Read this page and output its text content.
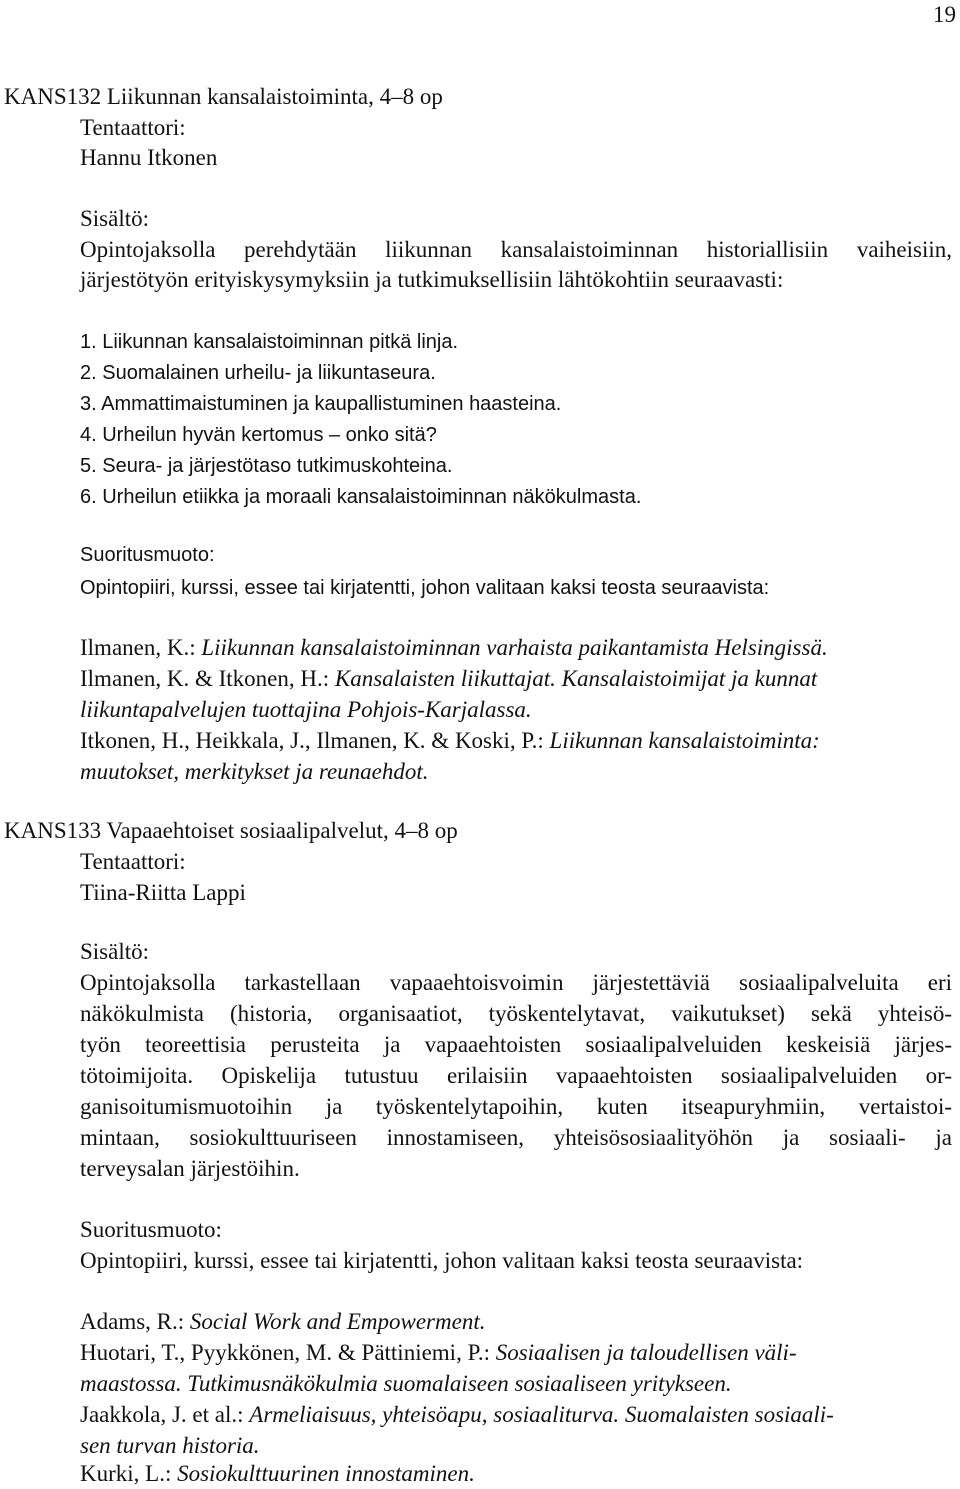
19
KANS132 Liikunnan kansalaistoiminta, 4–8 op
Tentaattori:
Hannu Itkonen
Sisältö:
Opintojaksolla perehdytään liikunnan kansalaistoiminnan historiallisiin vaiheisiin,
järjestötyön erityiskysymyksiin ja tutkimuksellisiin lähtökohtiin seuraavasti:
1. Liikunnan kansalaistoiminnan pitkä linja.
2. Suomalainen urheilu- ja liikuntaseura.
3. Ammattimaistuminen ja kaupallistuminen haasteina.
4. Urheilun hyvän kertomus – onko sitä?
5. Seura- ja järjestötaso tutkimuskohteina.
6. Urheilun etiikka ja moraali kansalaistoiminnan näkökulmasta.
Suoritusmuoto:
Opintopiiri, kurssi, essee tai kirjatentti, johon valitaan kaksi teosta seuraavista:
Ilmanen, K.: Liikunnan kansalaistoiminnan varhaista paikantamista Helsingissä.
Ilmanen, K. & Itkonen, H.: Kansalaisten liikuttajat. Kansalaistoimijat ja kunnat
liikuntapalvelujen tuottajina Pohjois-Karjalassa.
Itkonen, H., Heikkala, J., Ilmanen, K. & Koski, P.: Liikunnan kansalaistoiminta:
muutokset, merkitykset ja reunaehdot.
KANS133 Vapaaehtoiset sosiaalipalvelut, 4–8 op
Tentaattori:
Tiina-Riitta Lappi
Sisältö:
Opintojaksolla tarkastellaan vapaaehtoisvoimin järjestettäviä sosiaalipalveluita eri
näkökulmista (historia, organisaatiot, työskentelytavat, vaikutukset) sekä yhteisö-
työn teoreettisia perusteita ja vapaaehtoisten sosiaalipalveluiden keskeisiä järjes-
tötoimijoita. Opiskelija tutustuu erilaisiin vapaaehtoisten sosiaalipalveluiden or-
ganisoitumismuotoihin ja työskentelytapoihin, kuten itseapuryhmiin, vertaistoi-
mintaan, sosiokulttuuriseen innostamiseen, yhteisösosiaalityöhön ja sosiaali- ja
terveysalan järjestöihin.
Suoritusmuoto:
Opintopiiri, kurssi, essee tai kirjatentti, johon valitaan kaksi teosta seuraavista:
Adams, R.: Social Work and Empowerment.
Huotari, T., Pyykkönen, M. & Pättiniemi, P.: Sosiaalisen ja taloudellisen väli-
maastossa. Tutkimusnäkökulmia suomalaiseen sosiaaliseen yritykseen.
Jaakkola, J. et al.: Armeliaisuus, yhteisöapu, sosiaaliturva. Suomalaisten sosiaali-
sen turvan historia.
Kurki, L.: Sosiokulttuurinen innostaminen.
